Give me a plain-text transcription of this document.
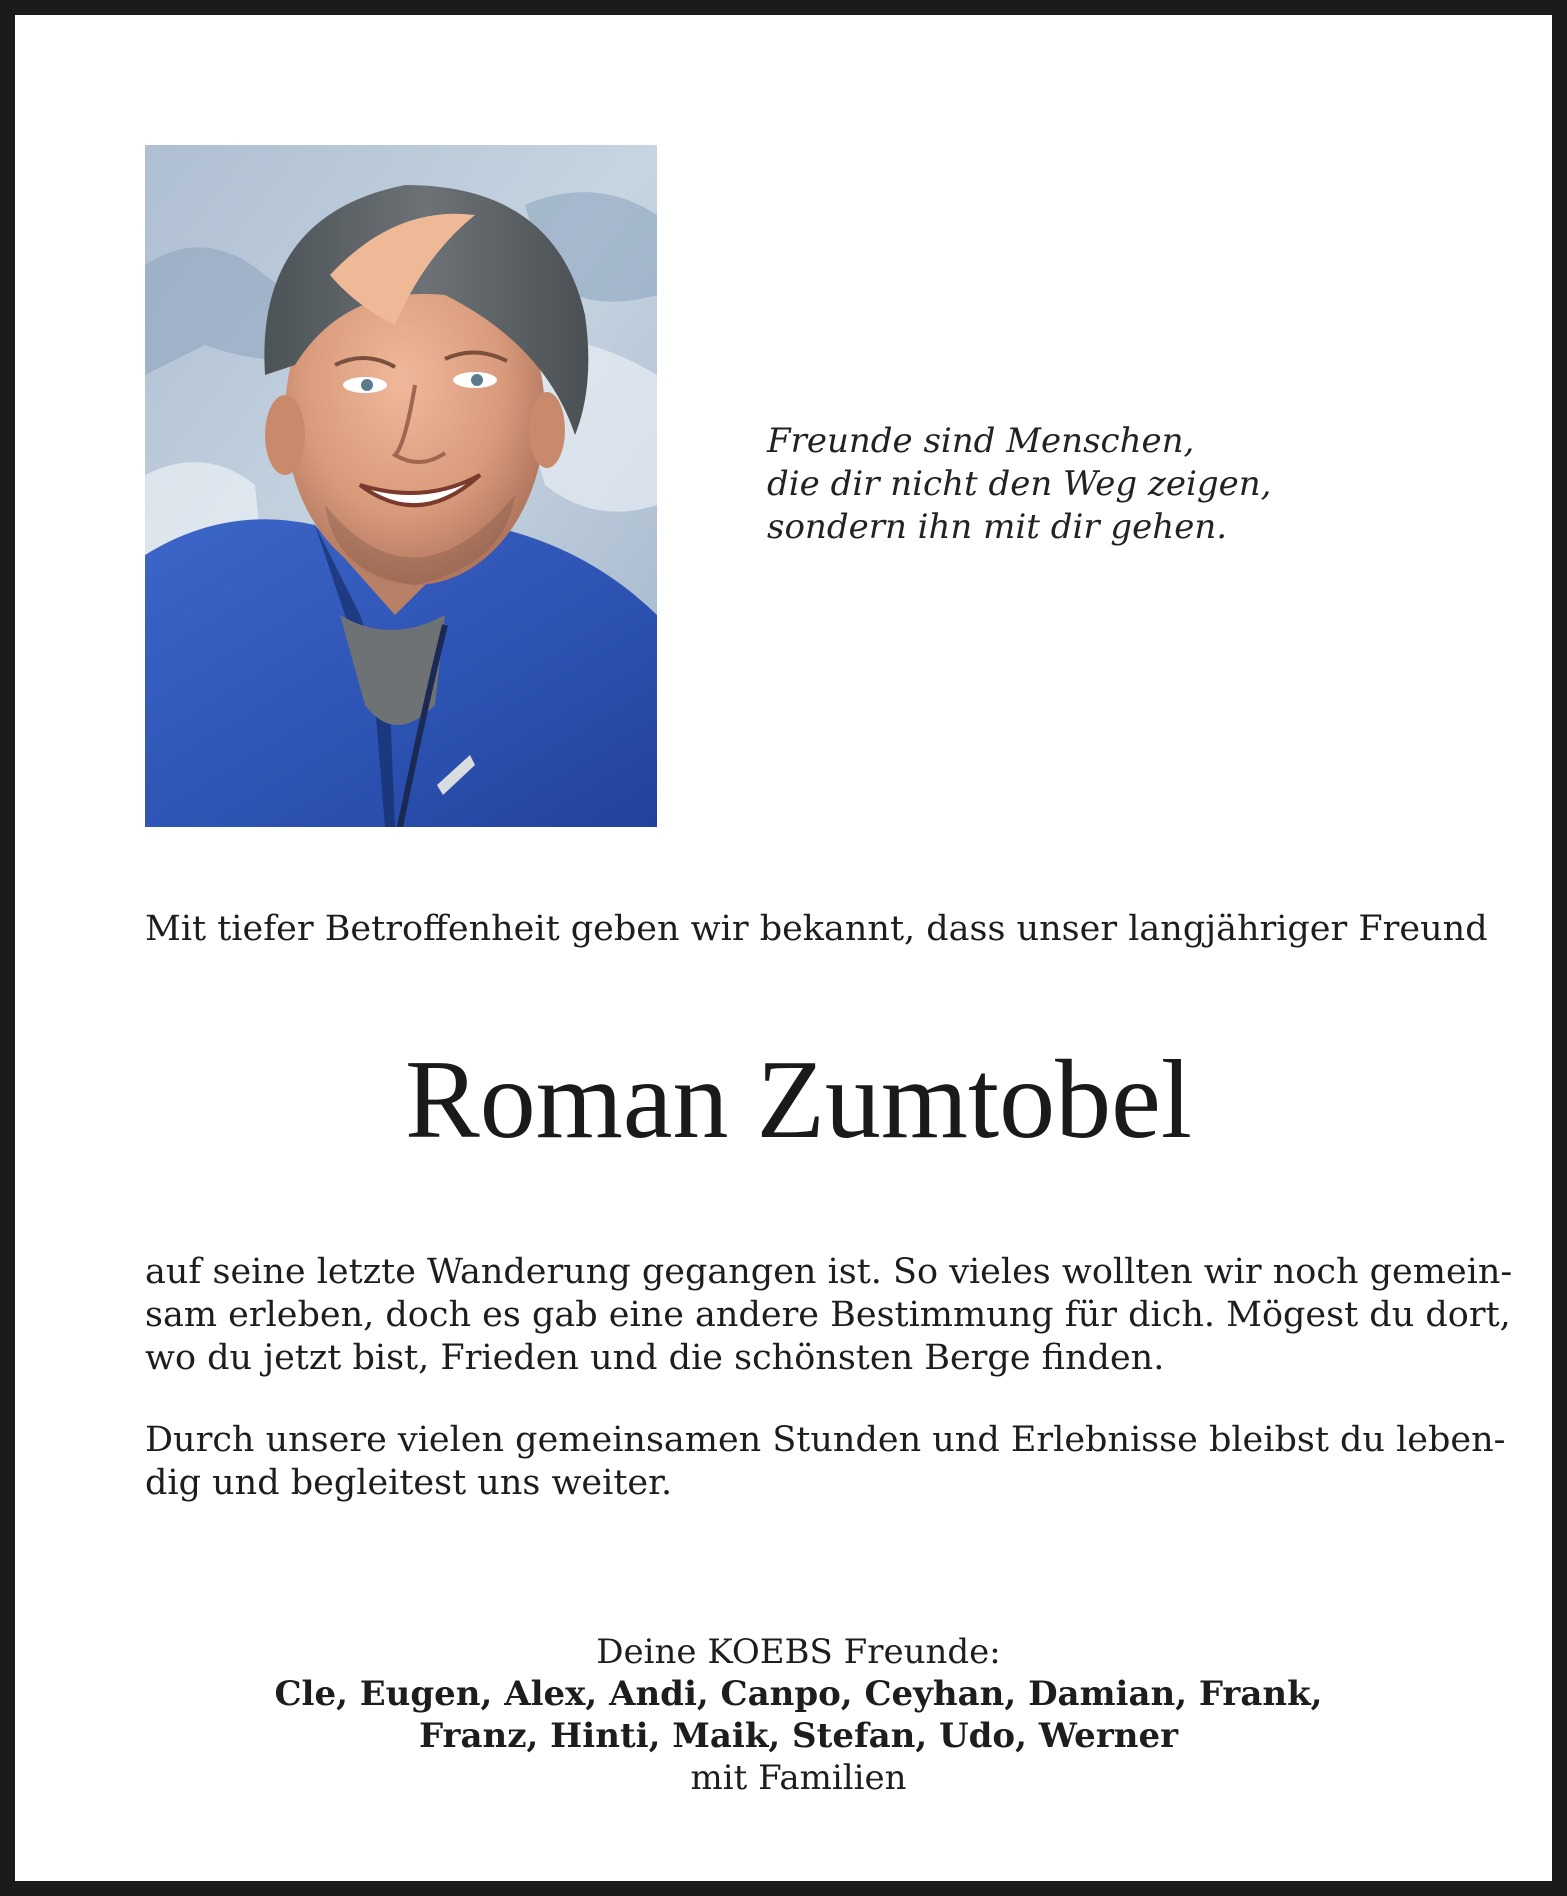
Freunde sind Menschen,
die dir nicht den Weg zeigen,
sondern ihn mit dir gehen.
Mit tiefer Betroffenheit geben wir bekannt, dass unser langjähriger Freund
Roman Zumtobel
auf seine letzte Wanderung gegangen ist. So vieles wollten wir noch gemein-
sam erleben, doch es gab eine andere Bestimmung für dich. Mögest du dort,
wo du jetzt bist, Frieden und die schönsten Berge finden.
Durch unsere vielen gemeinsamen Stunden und Erlebnisse bleibst du leben-
dig und begleitest uns weiter.
Deine KOEBS Freunde:
Cle, Eugen, Alex, Andi, Canpo, Ceyhan, Damian, Frank,
Franz, Hinti, Maik, Stefan, Udo, Werner
mit Familien
